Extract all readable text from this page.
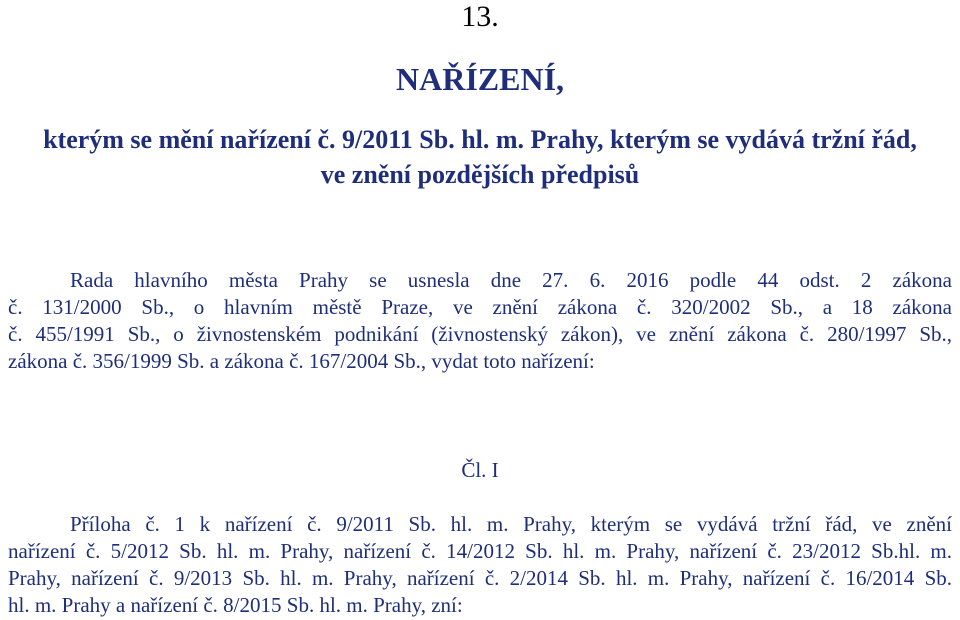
13.
NAŘÍZENÍ,
kterým se mění nařízení č. 9/2011 Sb. hl. m. Prahy, kterým se vydává tržní řád,
ve znění pozdějších předpisů
Rada hlavního města Prahy se usnesla dne 27. 6. 2016 podle 44 odst. 2 zákona
č. 131/2000 Sb., o hlavním městě Praze, ve znění zákona č. 320/2002 Sb., a 18 zákona
č. 455/1991 Sb., o živnostenském podnikání (živnostenský zákon), ve znění zákona č. 280/1997 Sb.,
zákona č. 356/1999 Sb. a zákona č. 167/2004 Sb., vydat toto nařízení:
Čl. I
Příloha č. 1 k nařízení č. 9/2011 Sb. hl. m. Prahy, kterým se vydává tržní řád, ve znění
nařízení č. 5/2012 Sb. hl. m. Prahy, nařízení č. 14/2012 Sb. hl. m. Prahy, nařízení č. 23/2012 Sb.hl. m.
Prahy, nařízení č. 9/2013 Sb. hl. m. Prahy, nařízení č. 2/2014 Sb. hl. m. Prahy, nařízení č. 16/2014 Sb.
hl. m. Prahy a nařízení č. 8/2015 Sb. hl. m. Prahy, zní:
